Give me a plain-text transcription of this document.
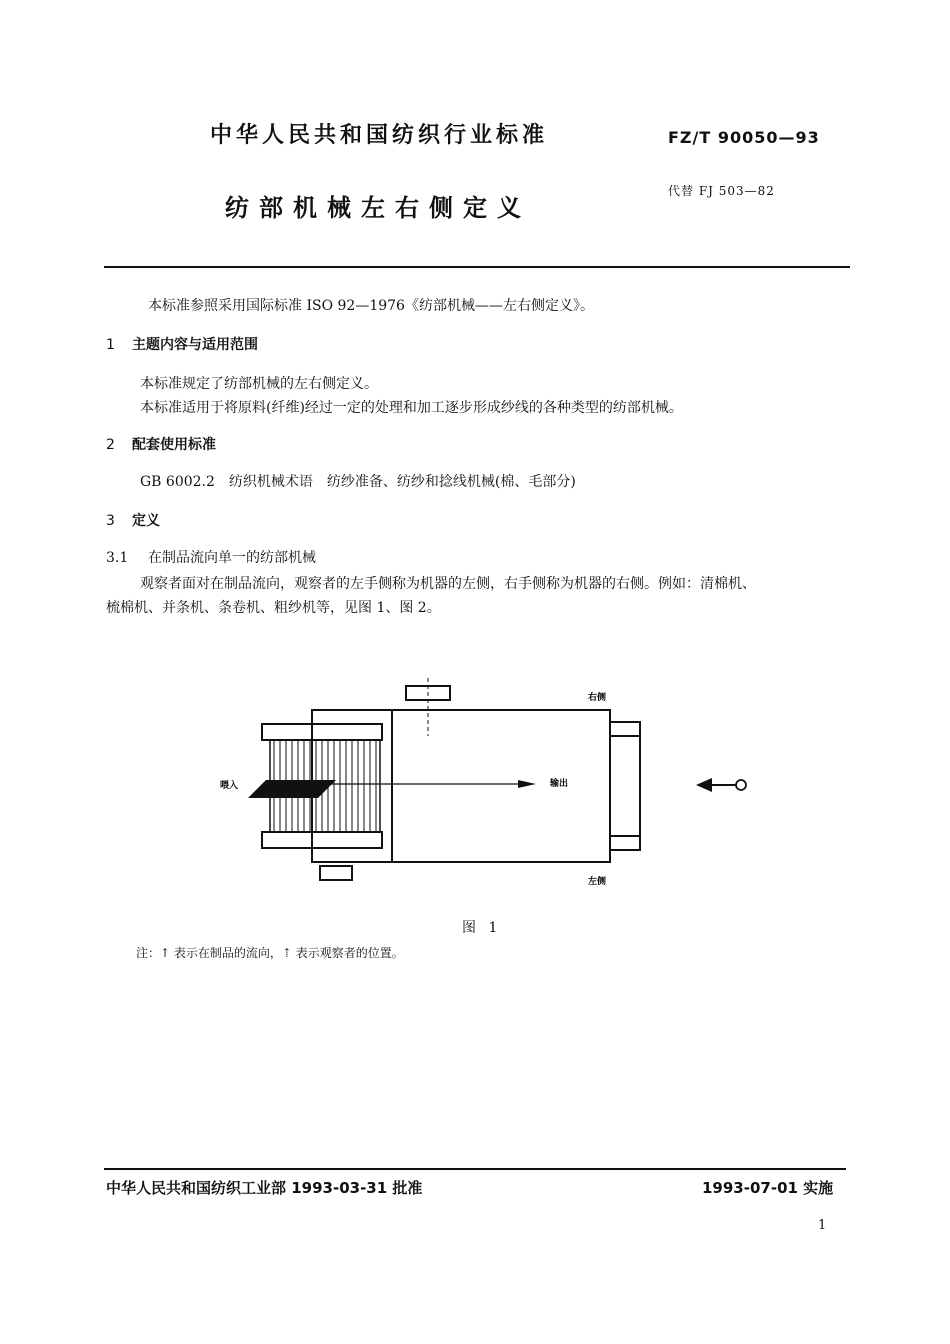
中华人民共和国纺织行业标准	FZ/T 90050—93
纺部机械左右侧定义
代替 FJ 503—82
本标准参照采用国际标准 ISO 92—1976《纺部机械——左右侧定义》。
1 主题内容与适用范围
本标准规定了纺部机械的左右侧定义。
本标准适用于将原料(纤维)经过一定的处理和加工逐步形成纱线的各种类型的纺部机械。
2 配套使用标准
GB 6002.2　纺织机械术语　纺纱准备、纺纱和捻线机械(棉、毛部分)
3 定义
3.1 在制品流向单一的纺部机械
观察者面对在制品流向，观察者的左手侧称为机器的左侧，右手侧称为机器的右侧。例如：清棉机、
梳棉机、并条机、条卷机、粗纱机等，见图 1、图 2。
右侧
左侧
喂入	输出
图 1
注：↑ 表示在制品的流向，⇡ 表示观察者的位置。
中华人民共和国纺织工业部 1993-03-31 批准	1993-07-01 实施
1
